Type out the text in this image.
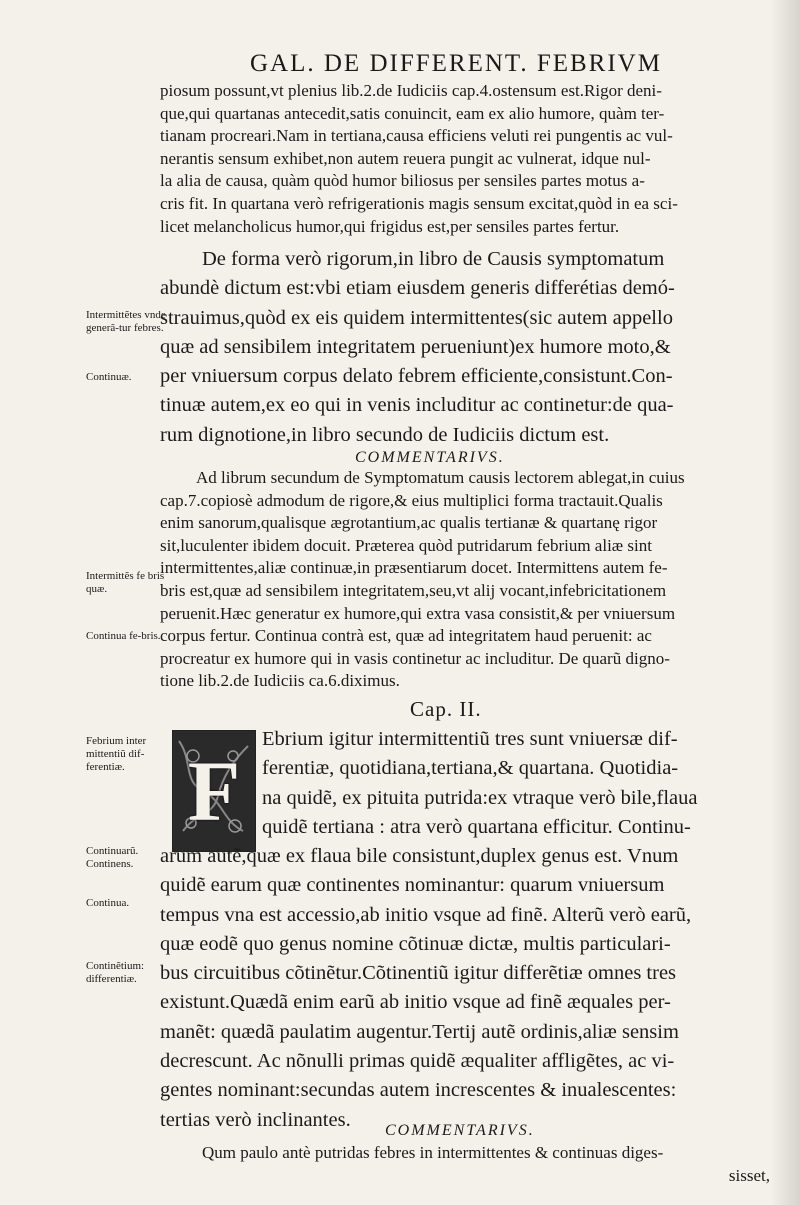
GAL. DE DIFFERENT. FEBRIVM
piosum possunt,vt plenius lib.2.de Iudiciis cap.4.ostensum est.Rigor deni-
que,qui quartanas antecedit,satis conuincit, eam ex alio humore, quàm ter-
tianam procreari.Nam in tertiana,causa efficiens veluti rei pungentis ac vul-
nerantis sensum exhibet,non autem reuera pungit ac vulnerat, idque nul-
la alia de causa, quàm quòd humor biliosus per sensiles partes motus a-
cris fit. In quartana verò refrigerationis magis sensum excitat,quòd in ea sci-
licet melancholicus humor,qui frigidus est,per sensiles partes fertur.
De forma verò rigorum,in libro de Causis symptomatum
abundè dictum est:vbi etiam eiusdem generis differétias demó-
strauimus,quòd ex eis quidem intermittentes(sic autem appello
quæ ad sensibilem integritatem perueniunt)ex humore moto,&
per vniuersum corpus delato febrem efficiente,consistunt.Con-
tinuæ autem,ex eo qui in venis includitur ac continetur:de qua-
rum dignotione,in libro secundo de Iudiciis dictum est.
COMMENTARIVS.
Ad librum secundum de Symptomatum causis lectorem ablegat,in cuius
cap.7.copiosè admodum de rigore,& eius multiplici forma tractauit.Qualis
enim sanorum,qualisque ægrotantium,ac qualis tertianæ & quartanę rigor
sit,luculenter ibidem docuit. Præterea quòd putridarum febrium aliæ sint
intermittentes,aliæ continuæ,in præsentiarum docet. Intermittens autem fe-
bris est,quæ ad sensibilem integritatem,seu,vt alij vocant,infebricitationem
peruenit.Hæc generatur ex humore,qui extra vasa consistit,& per vniuersum
corpus fertur. Continua contrà est, quæ ad integritatem haud peruenit: ac
procreatur ex humore qui in vasis continetur ac includitur. De quarũ digno-
tione lib.2.de Iudiciis ca.6.diximus.
Cap. II.
F
Ebrium igitur intermittentiũ tres sunt vniuersæ dif-
ferentiæ, quotidiana,tertiana,& quartana. Quotidia-
na quidẽ, ex pituita putrida:ex vtraque verò bile,flaua
quidẽ tertiana : atra verò quartana efficitur. Continu-
arum autẽ,quæ ex flaua bile consistunt,duplex genus est. Vnum
quidẽ earum quæ continentes nominantur: quarum vniuersum
tempus vna est accessio,ab initio vsque ad finẽ. Alterũ verò earũ,
quæ eodẽ quo genus nomine cõtinuæ dictæ, multis particulari-
bus circuitibus cõtinẽtur.Cõtinentiũ igitur differẽtiæ omnes tres
existunt.Quædã enim earũ ab initio vsque ad finẽ æquales per-
manẽt: quædã paulatim augentur.Tertij autẽ ordinis,aliæ sensim
decrescunt. Ac nõnulli primas quidẽ æqualiter affligẽtes, ac vi-
gentes nominant:secundas autem increscentes & inualescentes:
tertias verò inclinantes.	COMMENTARIVS.
Qum paulo antè putridas febres in intermittentes & continuas diges-
sisset,
Intermittẽtes vnde generã-tur febres.
Continuæ.
Intermittẽs fe bris quæ.
Continua fe-bris.
Febrium inter mittentiũ dif-ferentiæ.
Continuarũ. Continens.
Continua.
Continẽtium: differentiæ.
